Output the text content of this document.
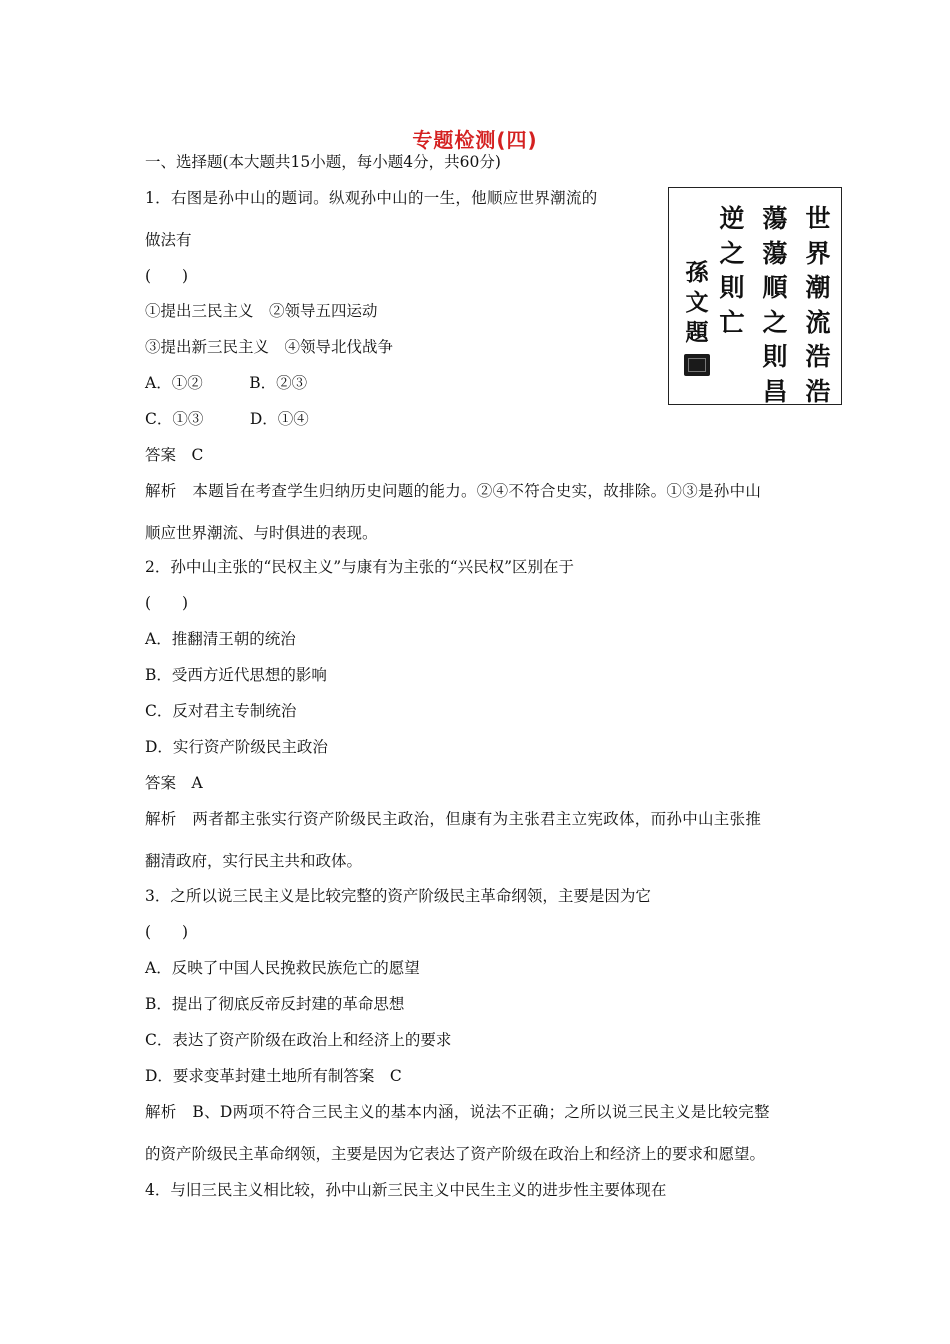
专题检测(四)
一、选择题(本大题共15小题，每小题4分，共60分)
1．右图是孙中山的题词。纵观孙中山的一生，他顺应世界潮流的
做法有
(　　)
①提出三民主义　②领导五四运动
③提出新三民主义　④领导北伐战争
A．①②　　　B．②③
C．①③　　　D．①④
答案　C
解析　本题旨在考查学生归纳历史问题的能力。②④不符合史实，故排除。①③是孙中山
顺应世界潮流、与时俱进的表现。
2．孙中山主张的“民权主义”与康有为主张的“兴民权”区别在于
(　　)
A．推翻清王朝的统治
B．受西方近代思想的影响
C．反对君主专制统治
D．实行资产阶级民主政治
答案　A
解析　两者都主张实行资产阶级民主政治，但康有为主张君主立宪政体，而孙中山主张推
翻清政府，实行民主共和政体。
3．之所以说三民主义是比较完整的资产阶级民主革命纲领，主要是因为它
(　　)
A．反映了中国人民挽救民族危亡的愿望
B．提出了彻底反帝反封建的革命思想
C．表达了资产阶级在政治上和经济上的要求
D．要求变革封建土地所有制答案　C
解析　B、D两项不符合三民主义的基本内涵，说法不正确；之所以说三民主义是比较完整
的资产阶级民主革命纲领，主要是因为它表达了资产阶级在政治上和经济上的要求和愿望。
4．与旧三民主义相比较，孙中山新三民主义中民生主义的进步性主要体现在
世界潮流浩浩
蕩蕩順之則昌
逆之則亡
孫文題
